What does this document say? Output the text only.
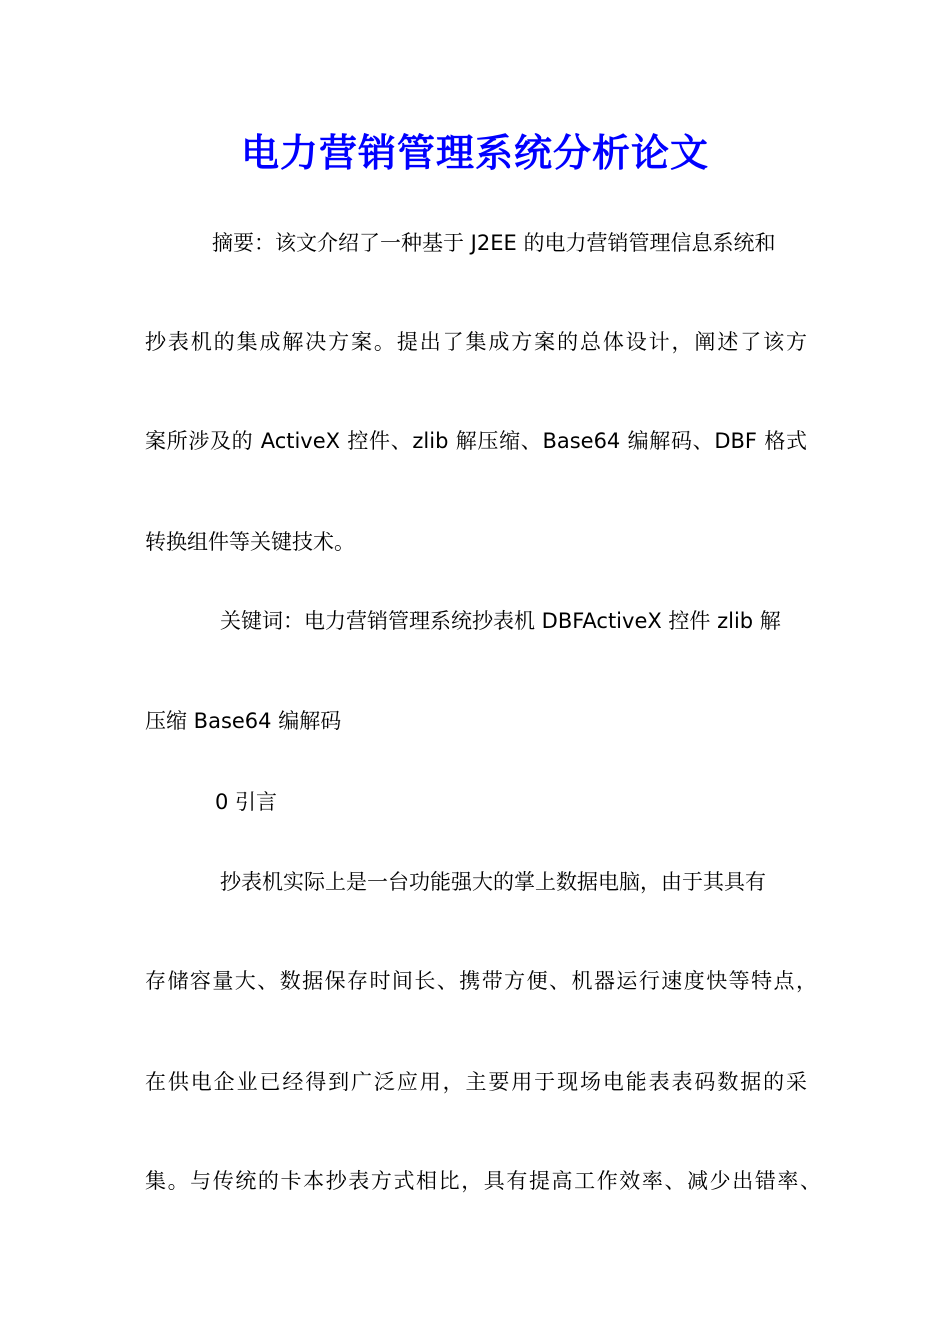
电力营销管理系统分析论文

摘要：该文介绍了一种基于 J2EE 的电力营销管理信息系统和

抄表机的集成解决方案。提出了集成方案的总体设计，阐述了该方

案所涉及的 ActiveX 控件、zlib 解压缩、Base64 编解码、DBF 格式

转换组件等关键技术。

关键词：电力营销管理系统抄表机 DBFActiveX 控件 zlib 解

压缩 Base64 编解码

0 引言

抄表机实际上是一台功能强大的掌上数据电脑，由于其具有

存储容量大、数据保存时间长、携带方便、机器运行速度快等特点，

在供电企业已经得到广泛应用，主要用于现场电能表表码数据的采

集。与传统的卡本抄表方式相比，具有提高工作效率、减少出错率、
